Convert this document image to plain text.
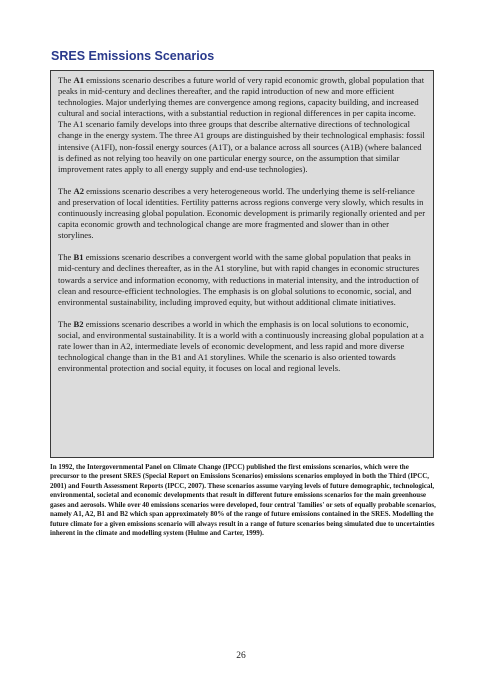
SRES Emissions Scenarios

The A1 emissions scenario describes a future world of very rapid economic growth, global population that peaks in mid-century and declines thereafter, and the rapid introduction of new and more efficient technologies. Major underlying themes are convergence among regions, capacity building, and increased cultural and social interactions, with a substantial reduction in regional differences in per capita income. The A1 scenario family develops into three groups that describe alternative directions of technological change in the energy system. The three A1 groups are distinguished by their technological emphasis: fossil intensive (A1FI), non-fossil energy sources (A1T), or a balance across all sources (A1B) (where balanced is defined as not relying too heavily on one particular energy source, on the assumption that similar improvement rates apply to all energy supply and end-use technologies).

The A2 emissions scenario describes a very heterogeneous world. The underlying theme is self-reliance and preservation of local identities. Fertility patterns across regions converge very slowly, which results in continuously increasing global population. Economic development is primarily regionally oriented and per capita economic growth and technological change are more fragmented and slower than in other storylines.

The B1 emissions scenario describes a convergent world with the same global population that peaks in mid-century and declines thereafter, as in the A1 storyline, but with rapid changes in economic structures towards a service and information economy, with reductions in material intensity, and the introduction of clean and resource-efficient technologies. The emphasis is on global solutions to economic, social, and environmental sustainability, including improved equity, but without additional climate initiatives.

The B2 emissions scenario describes a world in which the emphasis is on local solutions to economic, social, and environmental sustainability. It is a world with a continuously increasing global population at a rate lower than in A2, intermediate levels of economic development, and less rapid and more diverse technological change than in the B1 and A1 storylines. While the scenario is also oriented towards environmental protection and social equity, it focuses on local and regional levels.

In 1992, the Intergovernmental Panel on Climate Change (IPCC) published the first emissions scenarios, which were the precursor to the present SRES (Special Report on Emissions Scenarios) emissions scenarios employed in both the Third (IPCC, 2001) and Fourth Assessment Reports (IPCC, 2007). These scenarios assume varying levels of future demographic, technological, environmental, societal and economic developments that result in different future emissions scenarios for the main greenhouse gases and aerosols. While over 40 emissions scenarios were developed, four central 'families' or sets of equally probable scenarios, namely A1, A2, B1 and B2 which span approximately 80% of the range of future emissions contained in the SRES. Modelling the future climate for a given emissions scenario will always result in a range of future scenarios being simulated due to uncertainties inherent in the climate and modelling system (Hulme and Carter, 1999).

26
